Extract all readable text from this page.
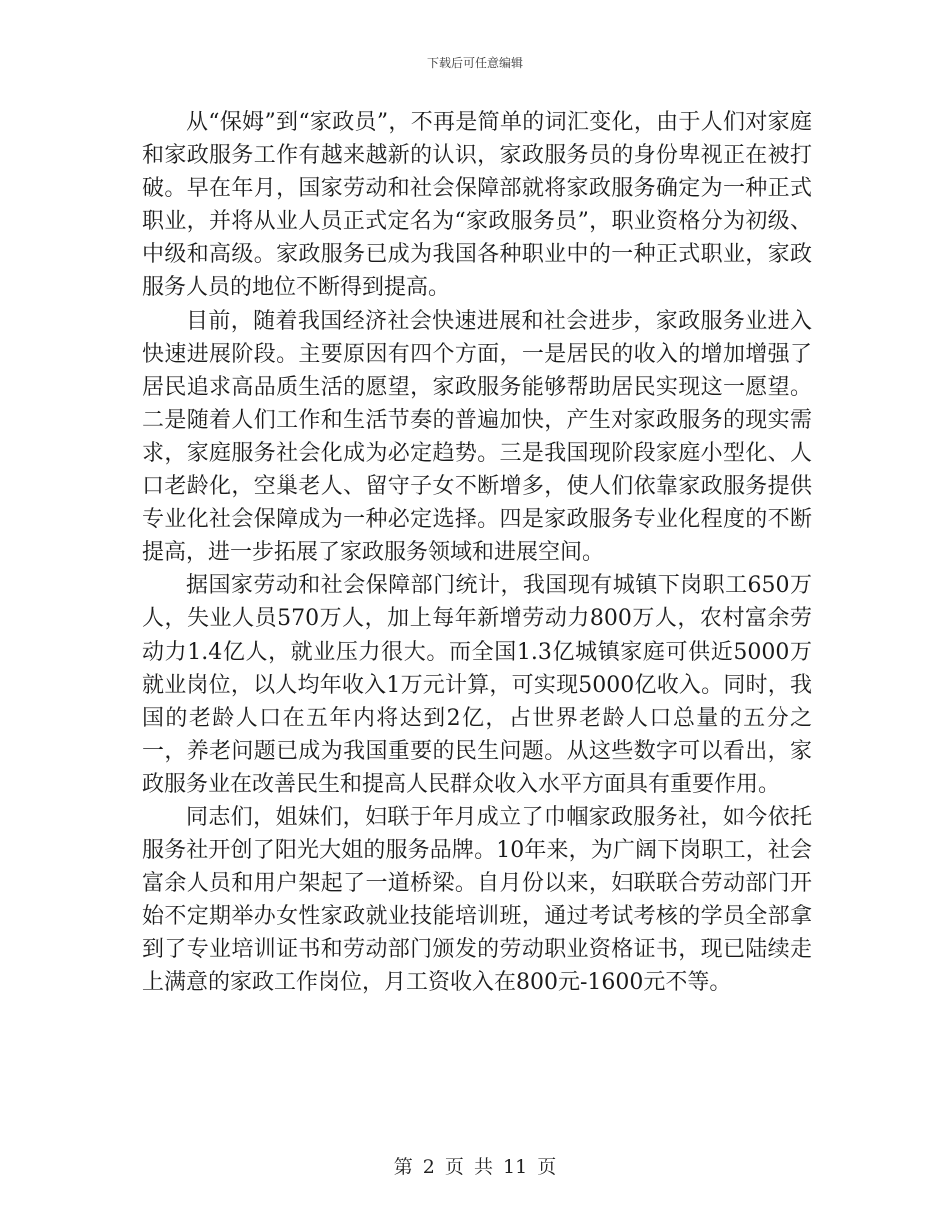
下载后可任意编辑

从“保姆”到“家政员”，不再是简单的词汇变化，由于人们对家庭和家政服务工作有越来越新的认识，家政服务员的身份卑视正在被打破。早在年月，国家劳动和社会保障部就将家政服务确定为一种正式职业，并将从业人员正式定名为“家政服务员”，职业资格分为初级、中级和高级。家政服务已成为我国各种职业中的一种正式职业，家政服务人员的地位不断得到提高。

目前，随着我国经济社会快速进展和社会进步，家政服务业进入快速进展阶段。主要原因有四个方面，一是居民的收入的增加增强了居民追求高品质生活的愿望，家政服务能够帮助居民实现这一愿望。二是随着人们工作和生活节奏的普遍加快，产生对家政服务的现实需求，家庭服务社会化成为必定趋势。三是我国现阶段家庭小型化、人口老龄化，空巢老人、留守子女不断增多，使人们依靠家政服务提供专业化社会保障成为一种必定选择。四是家政服务专业化程度的不断提高，进一步拓展了家政服务领域和进展空间。

据国家劳动和社会保障部门统计，我国现有城镇下岗职工650万人，失业人员570万人，加上每年新增劳动力800万人，农村富余劳动力1.4亿人，就业压力很大。而全国1.3亿城镇家庭可供近5000万就业岗位，以人均年收入1万元计算，可实现5000亿收入。同时，我国的老龄人口在五年内将达到2亿，占世界老龄人口总量的五分之一，养老问题已成为我国重要的民生问题。从这些数字可以看出，家政服务业在改善民生和提高人民群众收入水平方面具有重要作用。

同志们，姐妹们，妇联于年月成立了巾帼家政服务社，如今依托服务社开创了阳光大姐的服务品牌。10年来，为广阔下岗职工，社会富余人员和用户架起了一道桥梁。自月份以来，妇联联合劳动部门开始不定期举办女性家政就业技能培训班，通过考试考核的学员全部拿到了专业培训证书和劳动部门颁发的劳动职业资格证书，现已陆续走上满意的家政工作岗位，月工资收入在800元-1600元不等。

第 2 页 共 11 页
